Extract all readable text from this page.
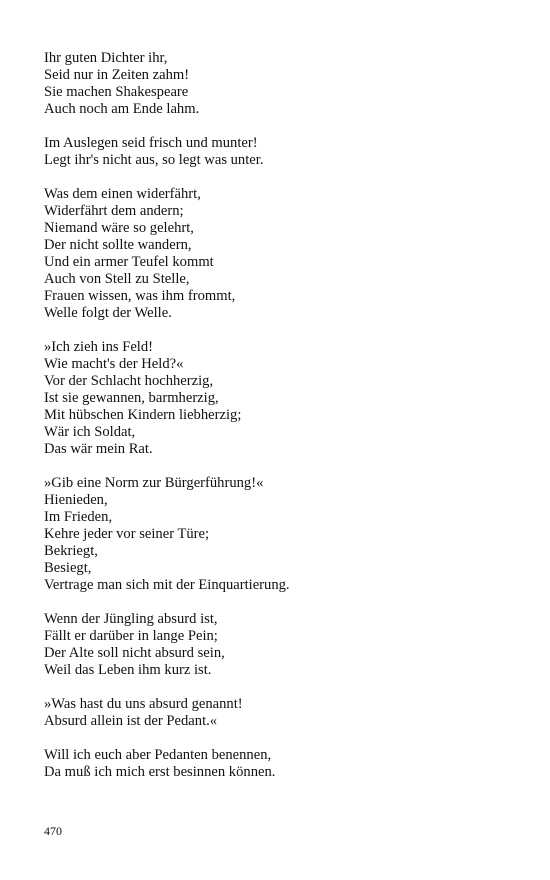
Ihr guten Dichter ihr,

Seid nur in Zeiten zahm!

Sie machen Shakespeare

Auch noch am Ende lahm.

Im Auslegen seid frisch und munter!

Legt ihr's nicht aus, so legt was unter.

Was dem einen widerfährt,

Widerfährt dem andern;

Niemand wäre so gelehrt,

Der nicht sollte wandern,

Und ein armer Teufel kommt

Auch von Stell zu Stelle,

Frauen wissen, was ihm frommt,

Welle folgt der Welle.

»Ich zieh ins Feld!

Wie macht's der Held?«

Vor der Schlacht hochherzig,

Ist sie gewannen, barmherzig,

Mit hübschen Kindern liebherzig;

Wär ich Soldat,

Das wär mein Rat.

»Gib eine Norm zur Bürgerführung!«

Hienieden,

Im Frieden,

Kehre jeder vor seiner Türe;

Bekriegt,

Besiegt,

Vertrage man sich mit der Einquartierung.

Wenn der Jüngling absurd ist,

Fällt er darüber in lange Pein;

Der Alte soll nicht absurd sein,

Weil das Leben ihm kurz ist.

»Was hast du uns absurd genannt!

Absurd allein ist der Pedant.«

Will ich euch aber Pedanten benennen,

Da muß ich mich erst besinnen können.

470
